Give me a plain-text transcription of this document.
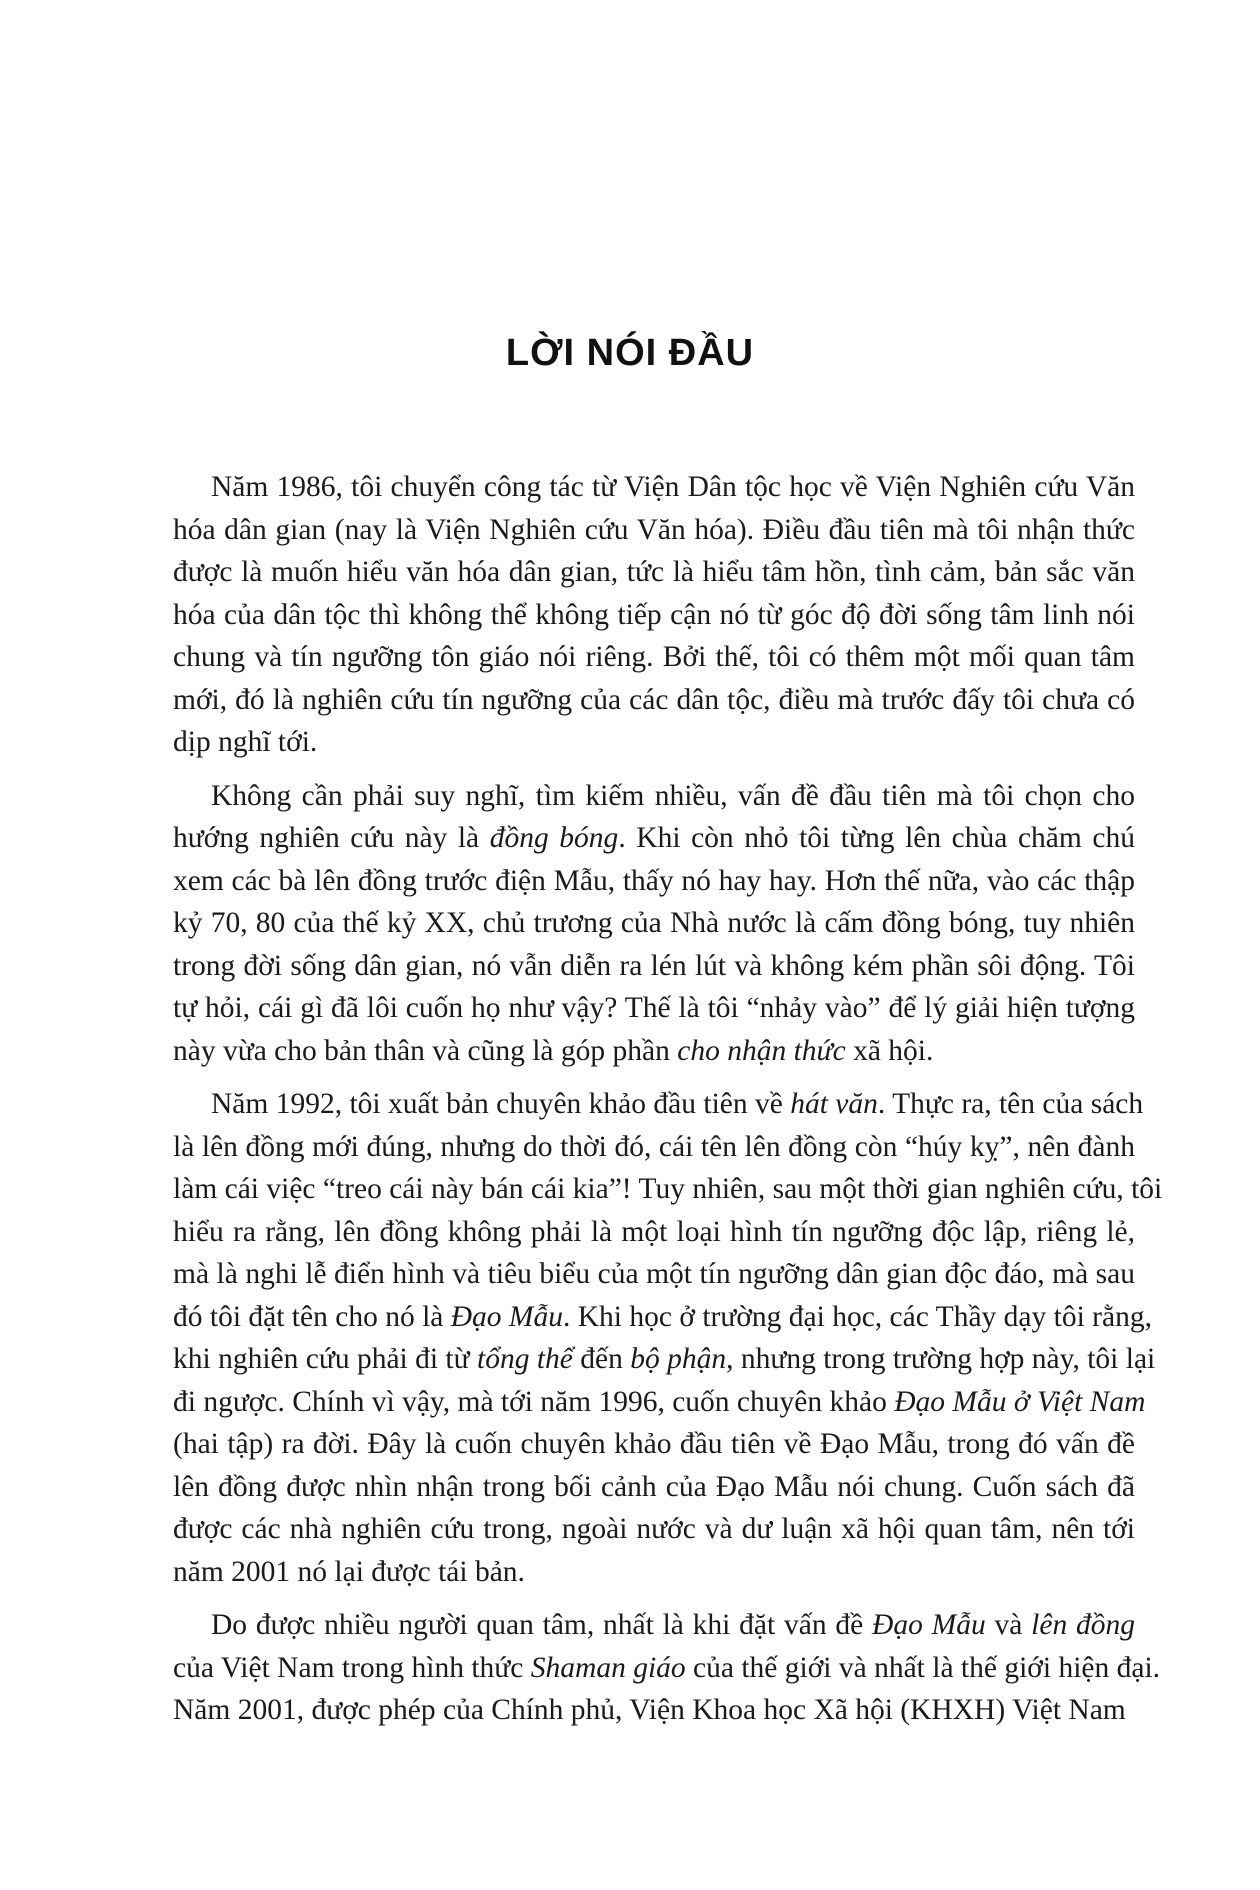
LỜI NÓI ĐẦU
Năm 1986, tôi chuyển công tác từ Viện Dân tộc học về Viện Nghiên cứu Văn
hóa dân gian (nay là Viện Nghiên cứu Văn hóa). Điều đầu tiên mà tôi nhận thức
được là muốn hiểu văn hóa dân gian, tức là hiểu tâm hồn, tình cảm, bản sắc văn
hóa của dân tộc thì không thể không tiếp cận nó từ góc độ đời sống tâm linh nói
chung và tín ngưỡng tôn giáo nói riêng. Bởi thế, tôi có thêm một mối quan tâm
mới, đó là nghiên cứu tín ngưỡng của các dân tộc, điều mà trước đấy tôi chưa có
dịp nghĩ tới.
Không cần phải suy nghĩ, tìm kiếm nhiều, vấn đề đầu tiên mà tôi chọn cho
hướng nghiên cứu này là đồng bóng. Khi còn nhỏ tôi từng lên chùa chăm chú
xem các bà lên đồng trước điện Mẫu, thấy nó hay hay. Hơn thế nữa, vào các thập
kỷ 70, 80 của thế kỷ XX, chủ trương của Nhà nước là cấm đồng bóng, tuy nhiên
trong đời sống dân gian, nó vẫn diễn ra lén lút và không kém phần sôi động. Tôi
tự hỏi, cái gì đã lôi cuốn họ như vậy? Thế là tôi “nhảy vào” để lý giải hiện tượng
này vừa cho bản thân và cũng là góp phần cho nhận thức xã hội.
Năm 1992, tôi xuất bản chuyên khảo đầu tiên về hát văn. Thực ra, tên của sách
là lên đồng mới đúng, nhưng do thời đó, cái tên lên đồng còn “húy kỵ”, nên đành
làm cái việc “treo cái này bán cái kia”! Tuy nhiên, sau một thời gian nghiên cứu, tôi
hiểu ra rằng, lên đồng không phải là một loại hình tín ngưỡng độc lập, riêng lẻ,
mà là nghi lễ điển hình và tiêu biểu của một tín ngưỡng dân gian độc đáo, mà sau
đó tôi đặt tên cho nó là Đạo Mẫu. Khi học ở trường đại học, các Thầy dạy tôi rằng,
khi nghiên cứu phải đi từ tổng thể đến bộ phận, nhưng trong trường hợp này, tôi lại
đi ngược. Chính vì vậy, mà tới năm 1996, cuốn chuyên khảo Đạo Mẫu ở Việt Nam
(hai tập) ra đời. Đây là cuốn chuyên khảo đầu tiên về Đạo Mẫu, trong đó vấn đề
lên đồng được nhìn nhận trong bối cảnh của Đạo Mẫu nói chung. Cuốn sách đã
được các nhà nghiên cứu trong, ngoài nước và dư luận xã hội quan tâm, nên tới
năm 2001 nó lại được tái bản.
Do được nhiều người quan tâm, nhất là khi đặt vấn đề Đạo Mẫu và lên đồng
của Việt Nam trong hình thức Shaman giáo của thế giới và nhất là thế giới hiện đại.
Năm 2001, được phép của Chính phủ, Viện Khoa học Xã hội (KHXH) Việt Nam
